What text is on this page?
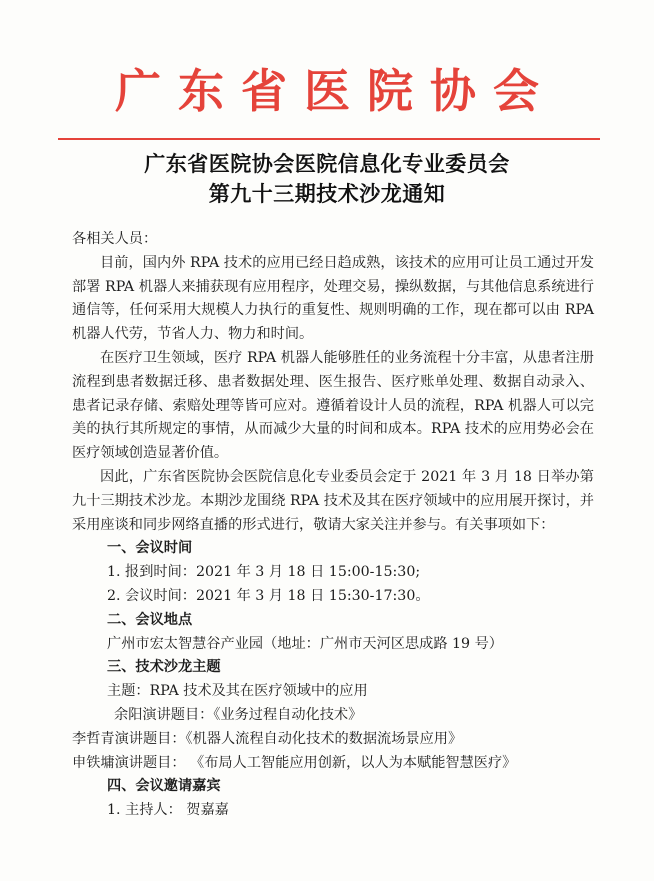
广东省医院协会
广东省医院协会医院信息化专业委员会
第九十三期技术沙龙通知

各相关人员：

目前，国内外 RPA 技术的应用已经日趋成熟，该技术的应用可让员工通过开发部署 RPA 机器人来捕获现有应用程序，处理交易，操纵数据，与其他信息系统进行通信等，任何采用大规模人力执行的重复性、规则明确的工作，现在都可以由 RPA 机器人代劳，节省人力、物力和时间。

在医疗卫生领域，医疗 RPA 机器人能够胜任的业务流程十分丰富，从患者注册流程到患者数据迁移、患者数据处理、医生报告、医疗账单处理、数据自动录入、患者记录存储、索赔处理等皆可应对。遵循着设计人员的流程，RPA 机器人可以完美的执行其所规定的事情，从而减少大量的时间和成本。RPA 技术的应用势必会在医疗领域创造显著价值。

因此，广东省医院协会医院信息化专业委员会定于 2021 年 3 月 18 日举办第九十三期技术沙龙。本期沙龙围绕 RPA 技术及其在医疗领域中的应用展开探讨，并采用座谈和同步网络直播的形式进行，敬请大家关注并参与。有关事项如下：

一、会议时间

1. 报到时间：2021 年 3 月 18 日 15:00-15:30;

2. 会议时间：2021 年 3 月 18 日 15:30-17:30。

二、会议地点

广州市宏太智慧谷产业园（地址：广州市天河区思成路 19 号）

三、技术沙龙主题

主题：RPA 技术及其在医疗领域中的应用

余阳演讲题目：《业务过程自动化技术》

李哲青演讲题目：《机器人流程自动化技术的数据流场景应用》

申铁墉演讲题目： 《布局人工智能应用创新，以人为本赋能智慧医疗》

四、会议邀请嘉宾

1. 主持人： 贺嘉嘉
